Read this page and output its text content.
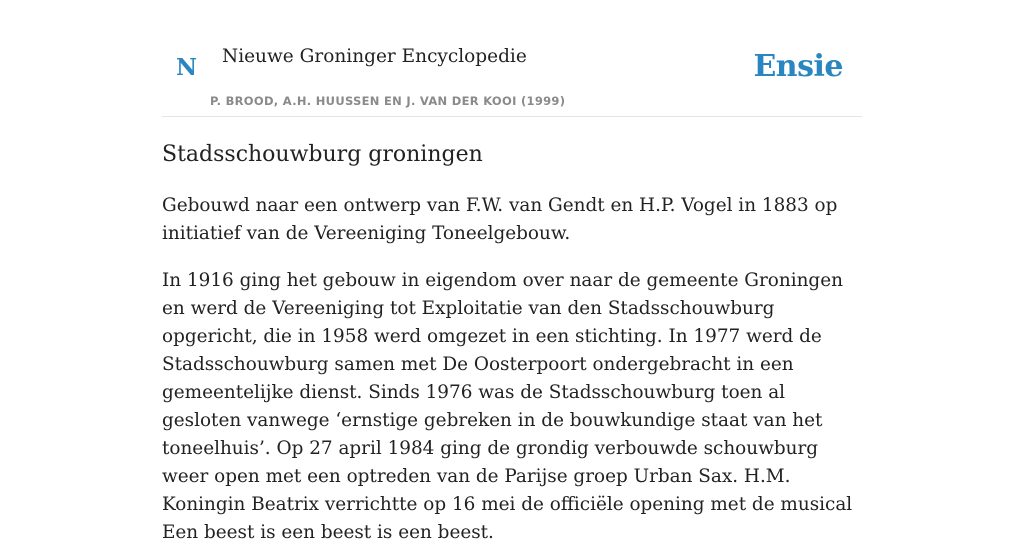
N Nieuwe Groninger Encyclopedie
P. BROOD, A.H. HUUSSEN EN J. VAN DER KOOI (1999)
Ensie
Stadsschouwburg groningen

Gebouwd naar een ontwerp van F.W. van Gendt en H.P. Vogel in 1883 op initiatief van de Vereeniging Toneelgebouw.

In 1916 ging het gebouw in eigendom over naar de gemeente Groningen en werd de Vereeniging tot Exploitatie van den Stadsschouwburg opgericht, die in 1958 werd omgezet in een stichting. In 1977 werd de Stadsschouwburg samen met De Oosterpoort ondergebracht in een gemeentelijke dienst. Sinds 1976 was de Stadsschouwburg toen al gesloten vanwege ‘ernstige gebreken in de bouwkundige staat van het toneelhuis’. Op 27 april 1984 ging de grondig verbouwde schouwburg weer open met een optreden van de Parijse groep Urban Sax. H.M. Koningin Beatrix verrichtte op 16 mei de officiële opening met de musical Een beest is een beest is een beest.
